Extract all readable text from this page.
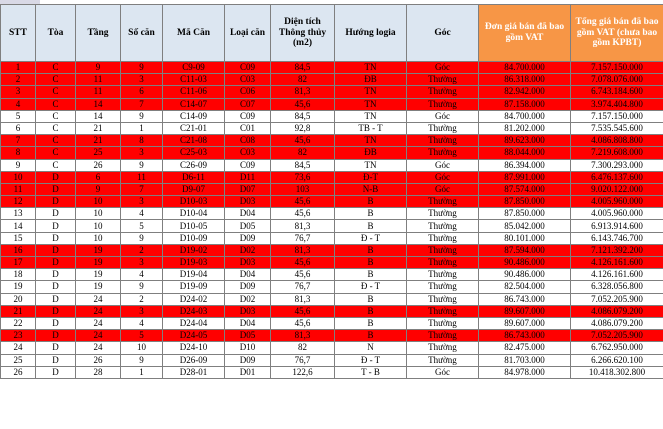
STT	Tòa	Tầng	Số căn	Mã Căn	Loại căn	Diện tích Thông thủy (m2)	Hướng logia	Góc	Đơn giá bán đã bao gồm VAT	Tổng giá bán đã bao gồm VAT (chưa bao gồm KPBT)
1	C	9	9	C9-09	C09	84,5	TN	Góc	84.700.000	7.157.150.000
2	C	11	3	C11-03	C03	82	ĐB	Thường	86.318.000	7.078.076.000
3	C	11	6	C11-06	C06	81,3	TN	Thường	82.942.000	6.743.184.600
4	C	14	7	C14-07	C07	45,6	TN	Thường	87.158.000	3.974.404.800
5	C	14	9	C14-09	C09	84,5	TN	Góc	84.700.000	7.157.150.000
6	C	21	1	C21-01	C01	92,8	TB - T	Thường	81.202.000	7.535.545.600
7	C	21	8	C21-08	C08	45,6	TN	Thường	89.623.000	4.086.808.800
8	C	25	3	C25-03	C03	82	ĐB	Thường	88.044.000	7.219.608.000
9	C	26	9	C26-09	C09	84,5	TN	Góc	86.394.000	7.300.293.000
10	D	6	11	D6-11	D11	73,6	Đ-T	Góc	87.991.000	6.476.137.600
11	D	9	7	D9-07	D07	103	N-B	Góc	87.574.000	9.020.122.000
12	D	10	3	D10-03	D03	45,6	B	Thường	87.850.000	4.005.960.000
13	D	10	4	D10-04	D04	45,6	B	Thường	87.850.000	4.005.960.000
14	D	10	5	D10-05	D05	81,3	B	Thường	85.042.000	6.913.914.600
15	D	10	9	D10-09	D09	76,7	Đ - T	Thường	80.101.000	6.143.746.700
16	D	19	2	D19-02	D02	81,3	B	Thường	87.594.000	7.121.392.200
17	D	19	3	D19-03	D03	45,6	B	Thường	90.486.000	4.126.161.600
18	D	19	4	D19-04	D04	45,6	B	Thường	90.486.000	4.126.161.600
19	D	19	9	D19-09	D09	76,7	Đ - T	Thường	82.504.000	6.328.056.800
20	D	24	2	D24-02	D02	81,3	B	Thường	86.743.000	7.052.205.900
21	D	24	3	D24-03	D03	45,6	B	Thường	89.607.000	4.086.079.200
22	D	24	4	D24-04	D04	45,6	B	Thường	89.607.000	4.086.079.200
23	D	24	5	D24-05	D05	81,3	B	Thường	86.743.000	7.052.205.900
24	D	24	10	D24-10	D10	82	N	Thường	82.475.000	6.762.950.000
25	D	26	9	D26-09	D09	76,7	Đ - T	Thường	81.703.000	6.266.620.100
26	D	28	1	D28-01	D01	122,6	T - B	Góc	84.978.000	10.418.302.800
